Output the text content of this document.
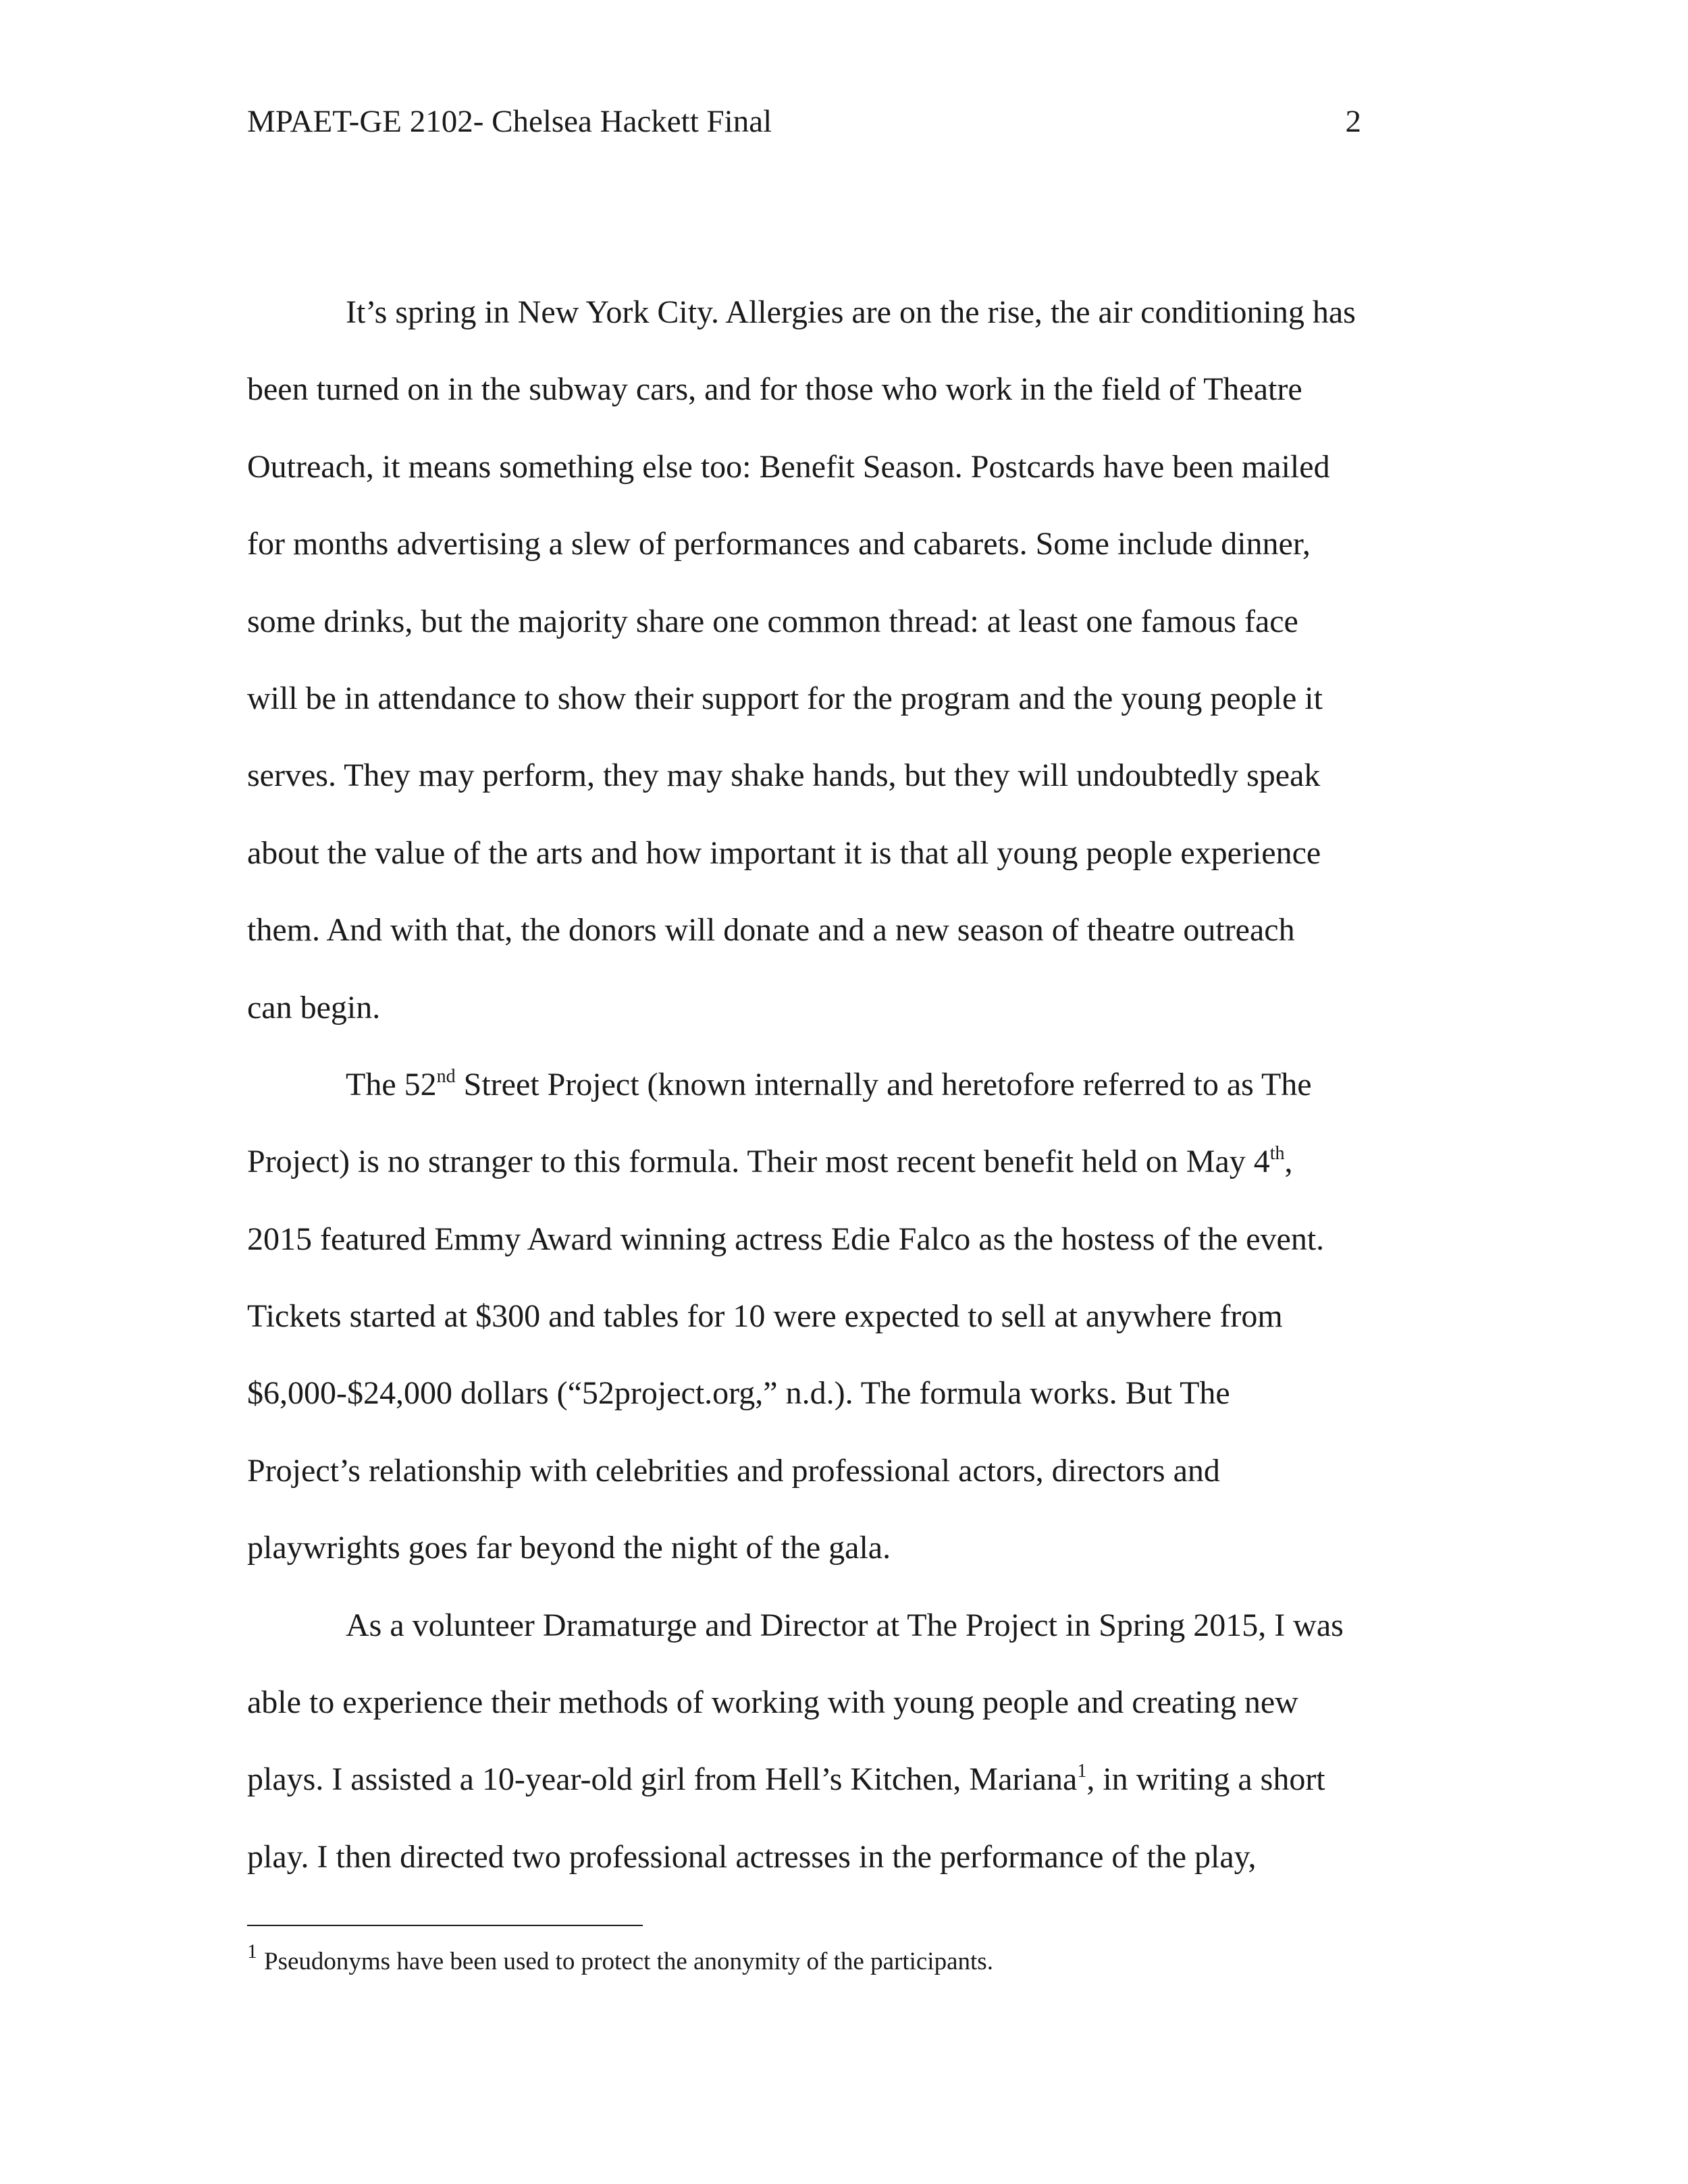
MPAET-GE 2102- Chelsea Hackett Final	2
It’s spring in New York City. Allergies are on the rise, the air conditioning has
been turned on in the subway cars, and for those who work in the field of Theatre
Outreach, it means something else too: Benefit Season. Postcards have been mailed
for months advertising a slew of performances and cabarets. Some include dinner,
some drinks, but the majority share one common thread: at least one famous face
will be in attendance to show their support for the program and the young people it
serves. They may perform, they may shake hands, but they will undoubtedly speak
about the value of the arts and how important it is that all young people experience
them. And with that, the donors will donate and a new season of theatre outreach
can begin.
The 52nd Street Project (known internally and heretofore referred to as The
Project) is no stranger to this formula. Their most recent benefit held on May 4th,
2015 featured Emmy Award winning actress Edie Falco as the hostess of the event.
Tickets started at $300 and tables for 10 were expected to sell at anywhere from
$6,000-$24,000 dollars (“52project.org,” n.d.). The formula works. But The
Project’s relationship with celebrities and professional actors, directors and
playwrights goes far beyond the night of the gala.
As a volunteer Dramaturge and Director at The Project in Spring 2015, I was
able to experience their methods of working with young people and creating new
plays. I assisted a 10-year-old girl from Hell’s Kitchen, Mariana$^1$, in writing a short
play. I then directed two professional actresses in the performance of the play,
$^1$ Pseudonyms have been used to protect the anonymity of the participants.
